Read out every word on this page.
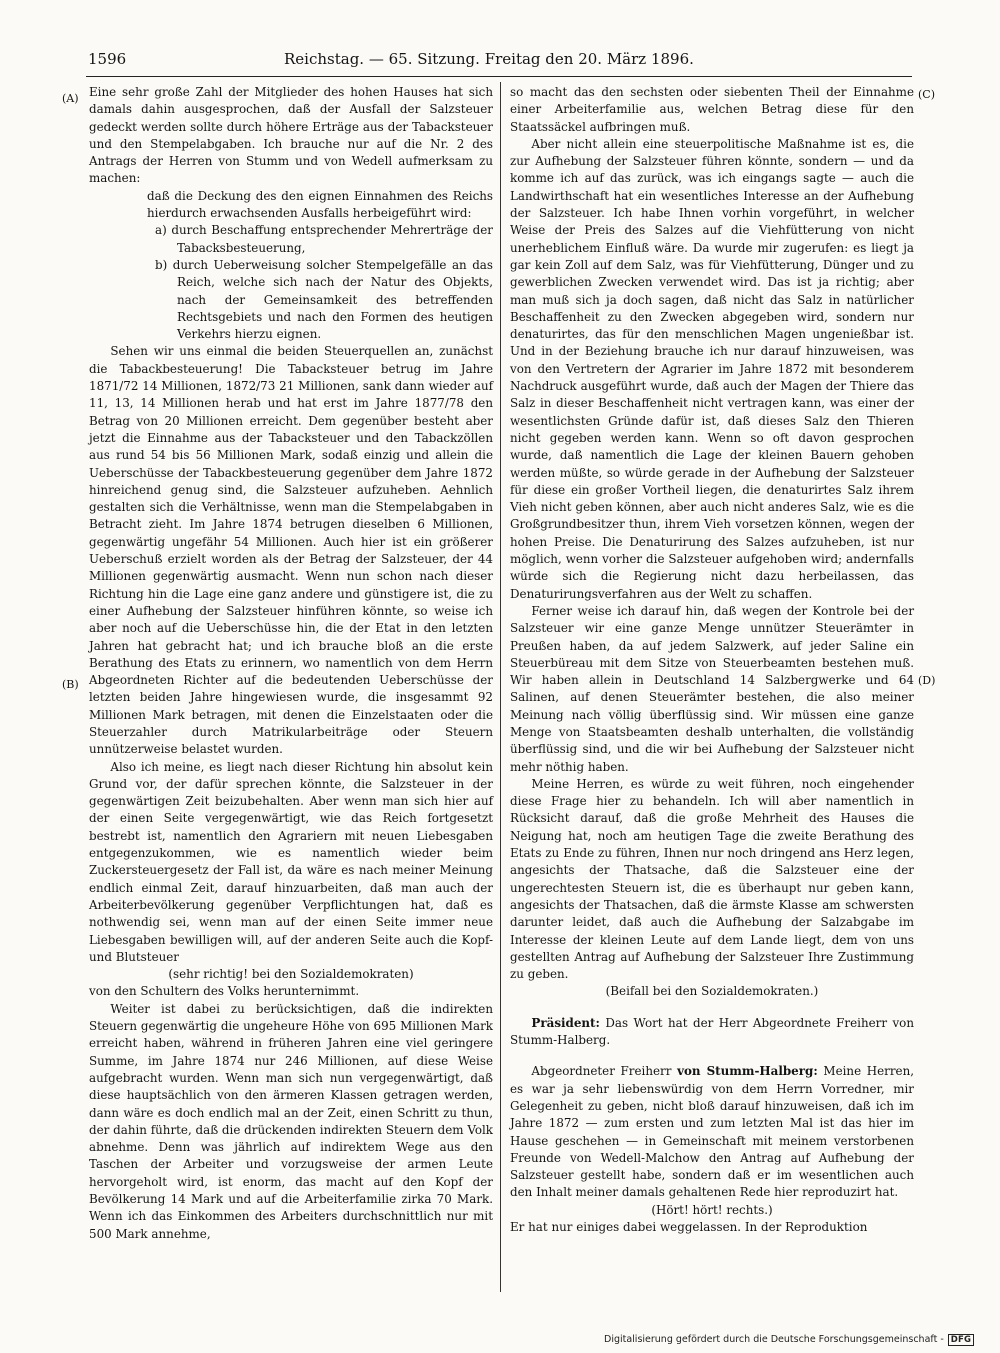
1596	Reichstag. — 65. Sitzung. Freitag den 20. März 1896.
(A)
(B)
(C)
(D)

Eine sehr große Zahl der Mitglieder des hohen Hauses hat sich damals dahin ausgesprochen, daß der Ausfall der Salzsteuer gedeckt werden sollte durch höhere Erträge aus der Tabacksteuer und den Stempelabgaben. Ich brauche nur auf die Nr. 2 des Antrags der Herren von Stumm und von Wedell aufmerksam zu machen:

daß die Deckung des den eignen Einnahmen des Reichs hierdurch erwachsenden Ausfalls herbeigeführt wird:

a) durch Beschaffung entsprechender Mehrerträge der Tabacksbesteuerung,

b) durch Ueberweisung solcher Stempelgefälle an das Reich, welche sich nach der Natur des Objekts, nach der Gemeinsamkeit des betreffenden Rechtsgebiets und nach den Formen des heutigen Verkehrs hierzu eignen.

Sehen wir uns einmal die beiden Steuerquellen an, zunächst die Tabackbesteuerung! Die Tabacksteuer betrug im Jahre 1871/72 14 Millionen, 1872/73 21 Millionen, sank dann wieder auf 11, 13, 14 Millionen herab und hat erst im Jahre 1877/78 den Betrag von 20 Millionen erreicht. Dem gegenüber besteht aber jetzt die Einnahme aus der Tabacksteuer und den Tabackzöllen aus rund 54 bis 56 Millionen Mark, sodaß einzig und allein die Ueberschüsse der Tabackbesteuerung gegenüber dem Jahre 1872 hinreichend genug sind, die Salzsteuer aufzuheben. Aehnlich gestalten sich die Verhältnisse, wenn man die Stempelabgaben in Betracht zieht. Im Jahre 1874 betrugen dieselben 6 Millionen, gegenwärtig ungefähr 54 Millionen. Auch hier ist ein größerer Ueberschuß erzielt worden als der Betrag der Salzsteuer, der 44 Millionen gegenwärtig ausmacht. Wenn nun schon nach dieser Richtung hin die Lage eine ganz andere und günstigere ist, die zu einer Aufhebung der Salzsteuer hinführen könnte, so weise ich aber noch auf die Ueberschüsse hin, die der Etat in den letzten Jahren hat gebracht hat; und ich brauche bloß an die erste Berathung des Etats zu erinnern, wo namentlich von dem Herrn Abgeordneten Richter auf die bedeutenden Ueberschüsse der letzten beiden Jahre hingewiesen wurde, die insgesammt 92 Millionen Mark betragen, mit denen die Einzelstaaten oder die Steuerzahler durch Matrikularbeiträge oder Steuern unnützerweise belastet wurden.

Also ich meine, es liegt nach dieser Richtung hin absolut kein Grund vor, der dafür sprechen könnte, die Salzsteuer in der gegenwärtigen Zeit beizubehalten. Aber wenn man sich hier auf der einen Seite vergegenwärtigt, wie das Reich fortgesetzt bestrebt ist, namentlich den Agrariern mit neuen Liebesgaben entgegenzukommen, wie es namentlich wieder beim Zuckersteuergesetz der Fall ist, da wäre es nach meiner Meinung endlich einmal Zeit, darauf hinzuarbeiten, daß man auch der Arbeiterbevölkerung gegenüber Verpflichtungen hat, daß es nothwendig sei, wenn man auf der einen Seite immer neue Liebesgaben bewilligen will, auf der anderen Seite auch die Kopf- und Blutsteuer

(sehr richtig! bei den Sozialdemokraten)

von den Schultern des Volks herunternimmt.

Weiter ist dabei zu berücksichtigen, daß die indirekten Steuern gegenwärtig die ungeheure Höhe von 695 Millionen Mark erreicht haben, während in früheren Jahren eine viel geringere Summe, im Jahre 1874 nur 246 Millionen, auf diese Weise aufgebracht wurden. Wenn man sich nun vergegenwärtigt, daß diese hauptsächlich von den ärmeren Klassen getragen werden, dann wäre es doch endlich mal an der Zeit, einen Schritt zu thun, der dahin führte, daß die drückenden indirekten Steuern dem Volk abnehme. Denn was jährlich auf indirektem Wege aus den Taschen der Arbeiter und vorzugsweise der armen Leute hervorgeholt wird, ist enorm, das macht auf den Kopf der Bevölkerung 14 Mark und auf die Arbeiterfamilie zirka 70 Mark. Wenn ich das Einkommen des Arbeiters durchschnittlich nur mit 500 Mark annehme,

so macht das den sechsten oder siebenten Theil der Einnahme einer Arbeiterfamilie aus, welchen Betrag diese für den Staatssäckel aufbringen muß.

Aber nicht allein eine steuerpolitische Maßnahme ist es, die zur Aufhebung der Salzsteuer führen könnte, sondern — und da komme ich auf das zurück, was ich eingangs sagte — auch die Landwirthschaft hat ein wesentliches Interesse an der Aufhebung der Salzsteuer. Ich habe Ihnen vorhin vorgeführt, in welcher Weise der Preis des Salzes auf die Viehfütterung von nicht unerheblichem Einfluß wäre. Da wurde mir zugerufen: es liegt ja gar kein Zoll auf dem Salz, was für Viehfütterung, Dünger und zu gewerblichen Zwecken verwendet wird. Das ist ja richtig; aber man muß sich ja doch sagen, daß nicht das Salz in natürlicher Beschaffenheit zu den Zwecken abgegeben wird, sondern nur denaturirtes, das für den menschlichen Magen ungenießbar ist. Und in der Beziehung brauche ich nur darauf hinzuweisen, was von den Vertretern der Agrarier im Jahre 1872 mit besonderem Nachdruck ausgeführt wurde, daß auch der Magen der Thiere das Salz in dieser Beschaffenheit nicht vertragen kann, was einer der wesentlichsten Gründe dafür ist, daß dieses Salz den Thieren nicht gegeben werden kann. Wenn so oft davon gesprochen wurde, daß namentlich die Lage der kleinen Bauern gehoben werden müßte, so würde gerade in der Aufhebung der Salzsteuer für diese ein großer Vortheil liegen, die denaturirtes Salz ihrem Vieh nicht geben können, aber auch nicht anderes Salz, wie es die Großgrundbesitzer thun, ihrem Vieh vorsetzen können, wegen der hohen Preise. Die Denaturirung des Salzes aufzuheben, ist nur möglich, wenn vorher die Salzsteuer aufgehoben wird; andernfalls würde sich die Regierung nicht dazu herbeilassen, das Denaturirungsverfahren aus der Welt zu schaffen.

Ferner weise ich darauf hin, daß wegen der Kontrole bei der Salzsteuer wir eine ganze Menge unnützer Steuerämter in Preußen haben, da auf jedem Salzwerk, auf jeder Saline ein Steuerbüreau mit dem Sitze von Steuerbeamten bestehen muß. Wir haben allein in Deutschland 14 Salzbergwerke und 64 Salinen, auf denen Steuerämter bestehen, die also meiner Meinung nach völlig überflüssig sind. Wir müssen eine ganze Menge von Staatsbeamten deshalb unterhalten, die vollständig überflüssig sind, und die wir bei Aufhebung der Salzsteuer nicht mehr nöthig haben.

Meine Herren, es würde zu weit führen, noch eingehender diese Frage hier zu behandeln. Ich will aber namentlich in Rücksicht darauf, daß die große Mehrheit des Hauses die Neigung hat, noch am heutigen Tage die zweite Berathung des Etats zu Ende zu führen, Ihnen nur noch dringend ans Herz legen, angesichts der Thatsache, daß die Salzsteuer eine der ungerechtesten Steuern ist, die es überhaupt nur geben kann, angesichts der Thatsachen, daß die ärmste Klasse am schwersten darunter leidet, daß auch die Aufhebung der Salzabgabe im Interesse der kleinen Leute auf dem Lande liegt, dem von uns gestellten Antrag auf Aufhebung der Salzsteuer Ihre Zustimmung zu geben.

(Beifall bei den Sozialdemokraten.)

Präsident: Das Wort hat der Herr Abgeordnete Freiherr von Stumm-Halberg.

Abgeordneter Freiherr von Stumm-Halberg: Meine Herren, es war ja sehr liebenswürdig von dem Herrn Vorredner, mir Gelegenheit zu geben, nicht bloß darauf hinzuweisen, daß ich im Jahre 1872 — zum ersten und zum letzten Mal ist das hier im Hause geschehen — in Gemeinschaft mit meinem verstorbenen Freunde von Wedell-Malchow den Antrag auf Aufhebung der Salzsteuer gestellt habe, sondern daß er im wesentlichen auch den Inhalt meiner damals gehaltenen Rede hier reproduzirt hat.

(Hört! hört! rechts.)

Er hat nur einiges dabei weggelassen. In der Reproduktion

Digitalisierung gefördert durch die Deutsche Forschungsgemeinschaft - DFG
